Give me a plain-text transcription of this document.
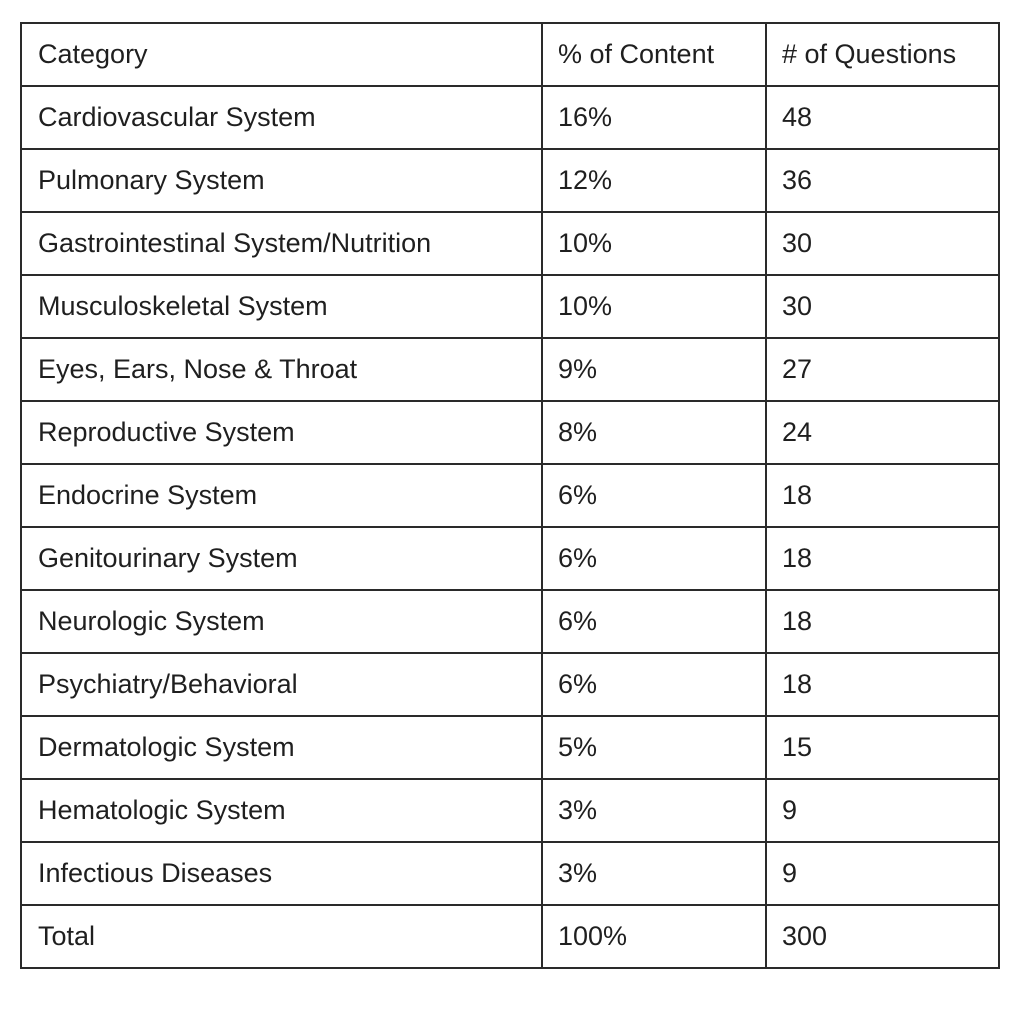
Category	% of Content	# of Questions
Cardiovascular System	16%	48
Pulmonary System	12%	36
Gastrointestinal System/Nutrition	10%	30
Musculoskeletal System	10%	30
Eyes, Ears, Nose & Throat	9%	27
Reproductive System	8%	24
Endocrine System	6%	18
Genitourinary System	6%	18
Neurologic System	6%	18
Psychiatry/Behavioral	6%	18
Dermatologic System	5%	15
Hematologic System	3%	9
Infectious Diseases	3%	9
Total	100%	300
